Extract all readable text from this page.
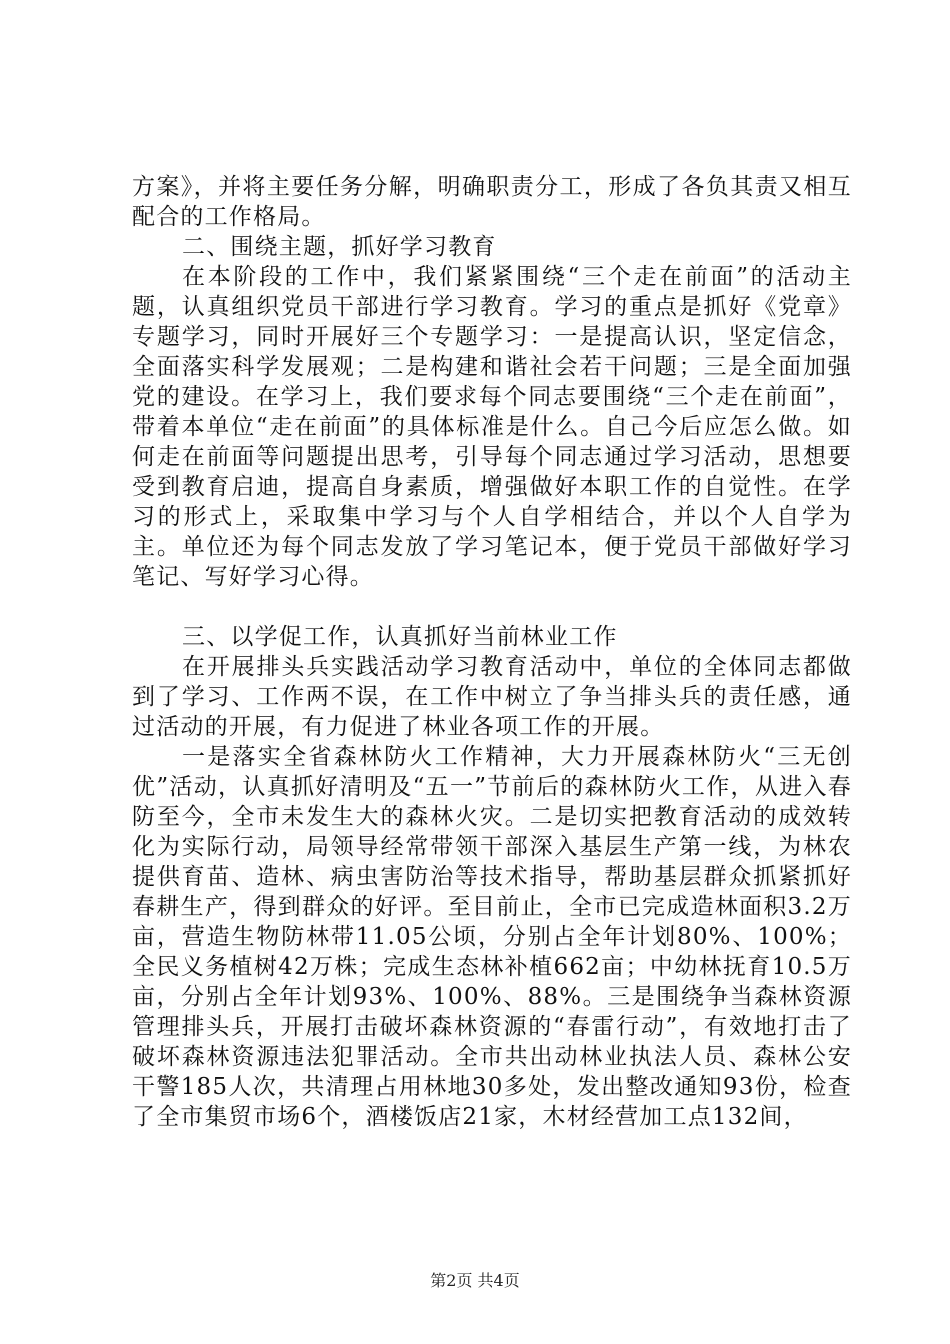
方案》，并将主要任务分解，明确职责分工，形成了各负其责又相互配合的工作格局。

二、围绕主题，抓好学习教育

在本阶段的工作中，我们紧紧围绕“三个走在前面”的活动主题，认真组织党员干部进行学习教育。学习的重点是抓好《党章》专题学习，同时开展好三个专题学习：一是提高认识，坚定信念，全面落实科学发展观；二是构建和谐社会若干问题；三是全面加强党的建设。在学习上，我们要求每个同志要围绕“三个走在前面”，带着本单位“走在前面”的具体标准是什么。自己今后应怎么做。如何走在前面等问题提出思考，引导每个同志通过学习活动，思想要受到教育启迪，提高自身素质，增强做好本职工作的自觉性。在学习的形式上，采取集中学习与个人自学相结合，并以个人自学为主。单位还为每个同志发放了学习笔记本，便于党员干部做好学习笔记、写好学习心得。

三、以学促工作，认真抓好当前林业工作

在开展排头兵实践活动学习教育活动中，单位的全体同志都做到了学习、工作两不误，在工作中树立了争当排头兵的责任感，通过活动的开展，有力促进了林业各项工作的开展。

一是落实全省森林防火工作精神，大力开展森林防火“三无创优”活动，认真抓好清明及“五一”节前后的森林防火工作，从进入春防至今，全市未发生大的森林火灾。二是切实把教育活动的成效转化为实际行动，局领导经常带领干部深入基层生产第一线，为林农提供育苗、造林、病虫害防治等技术指导，帮助基层群众抓紧抓好春耕生产，得到群众的好评。至目前止，全市已完成造林面积3.2万亩，营造生物防林带11.05公顷，分别占全年计划80%、100%；全民义务植树42万株；完成生态林补植662亩；中幼林抚育10.5万亩，分别占全年计划93%、100%、88%。三是围绕争当森林资源管理排头兵，开展打击破坏森林资源的“春雷行动”，有效地打击了破坏森林资源违法犯罪活动。全市共出动林业执法人员、森林公安干警185人次，共清理占用林地30多处，发出整改通知93份，检查了全市集贸市场6个，酒楼饭店21家，木材经营加工点132间，

第2页 共4页
